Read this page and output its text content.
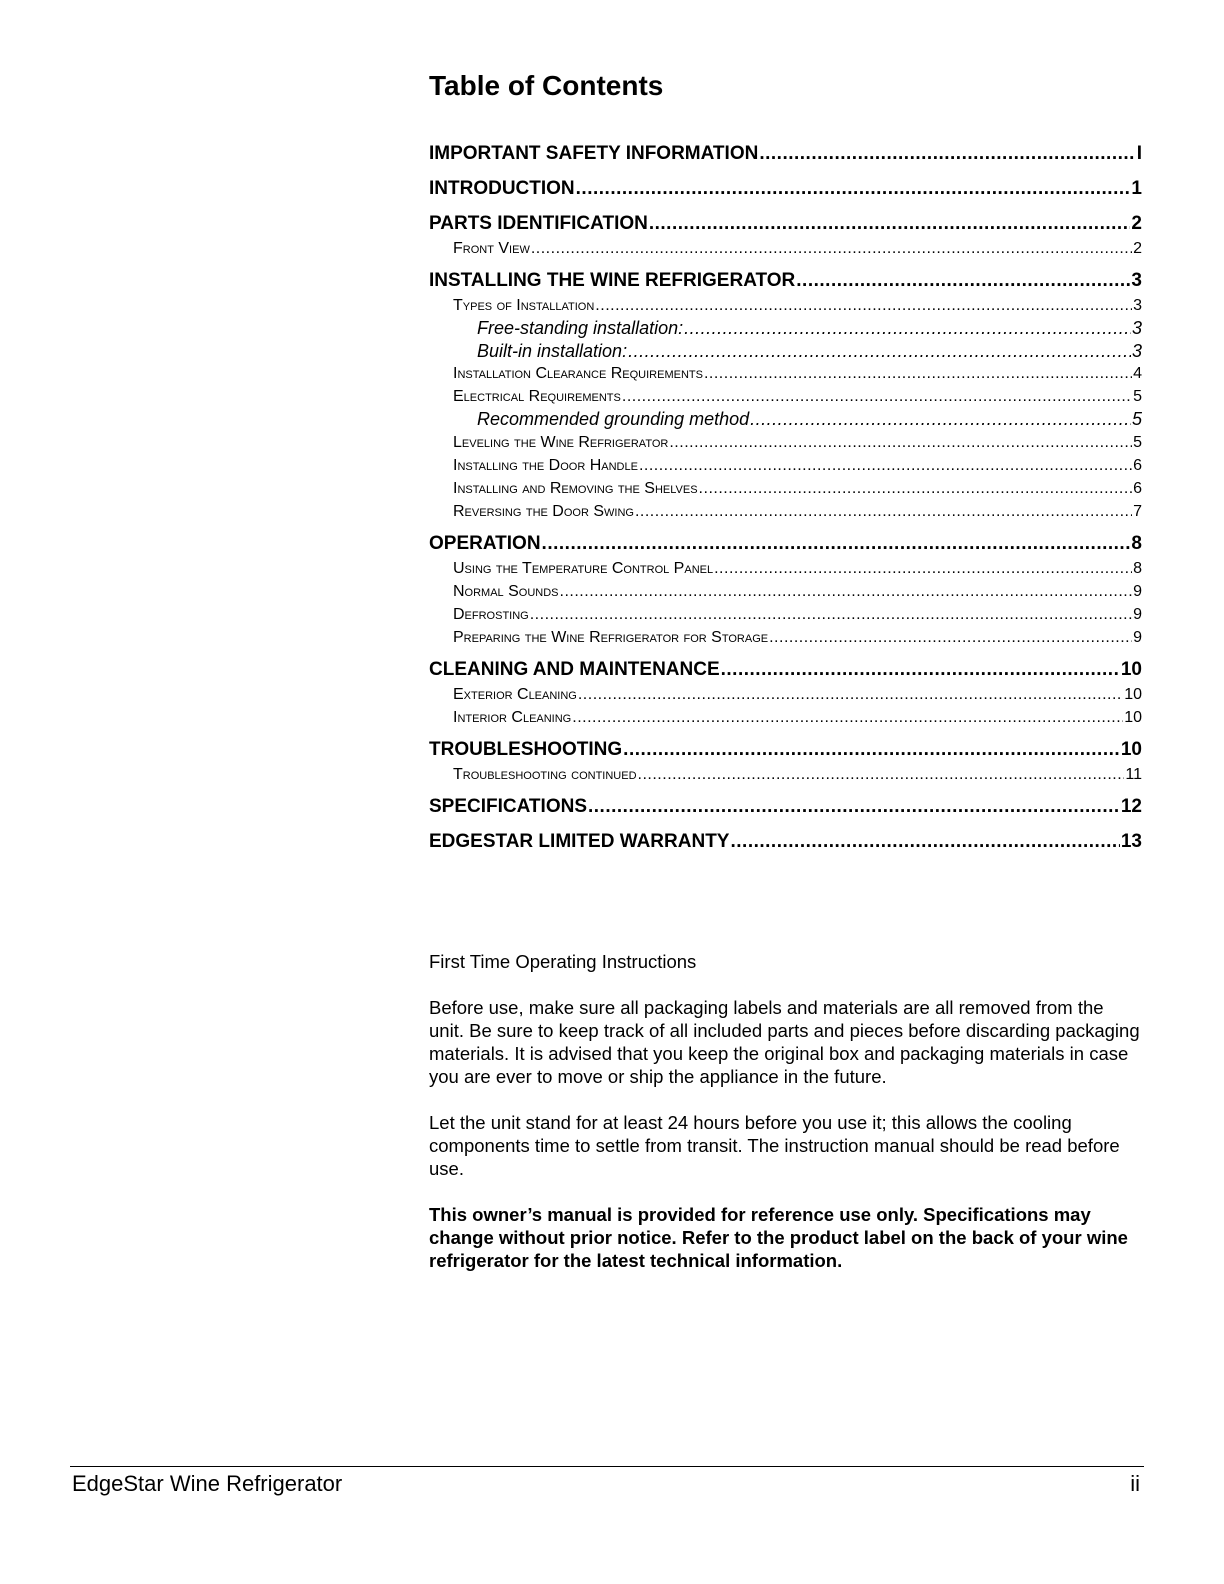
Table of Contents
IMPORTANT SAFETY INFORMATION .....	I
INTRODUCTION .....	1
PARTS IDENTIFICATION .....	2
Front View .....	2
INSTALLING THE WINE REFRIGERATOR .....	3
Types of Installation .....	3
Free-standing installation: .....	3
Built-in installation: .....	3
Installation Clearance Requirements .....	4
Electrical Requirements .....	5
Recommended grounding method .....	5
Leveling the Wine Refrigerator .....	5
Installing the Door Handle .....	6
Installing and Removing the Shelves .....	6
Reversing the Door Swing .....	7
OPERATION .....	8
Using the Temperature Control Panel .....	8
Normal Sounds .....	9
Defrosting .....	9
Preparing the Wine Refrigerator for Storage .....	9
CLEANING AND MAINTENANCE .....	10
Exterior Cleaning .....	10
Interior Cleaning .....	10
TROUBLESHOOTING .....	10
Troubleshooting continued .....	11
SPECIFICATIONS .....	12
EDGESTAR LIMITED WARRANTY .....	13

First Time Operating Instructions

Before use, make sure all packaging labels and materials are all removed from the unit. Be sure to keep track of all included parts and pieces before discarding packaging materials. It is advised that you keep the original box and packaging materials in case you are ever to move or ship the appliance in the future.

Let the unit stand for at least 24 hours before you use it; this allows the cooling components time to settle from transit. The instruction manual should be read before use.

This owner’s manual is provided for reference use only. Specifications may change without prior notice. Refer to the product label on the back of your wine refrigerator for the latest technical information.

EdgeStar Wine Refrigerator	ii
